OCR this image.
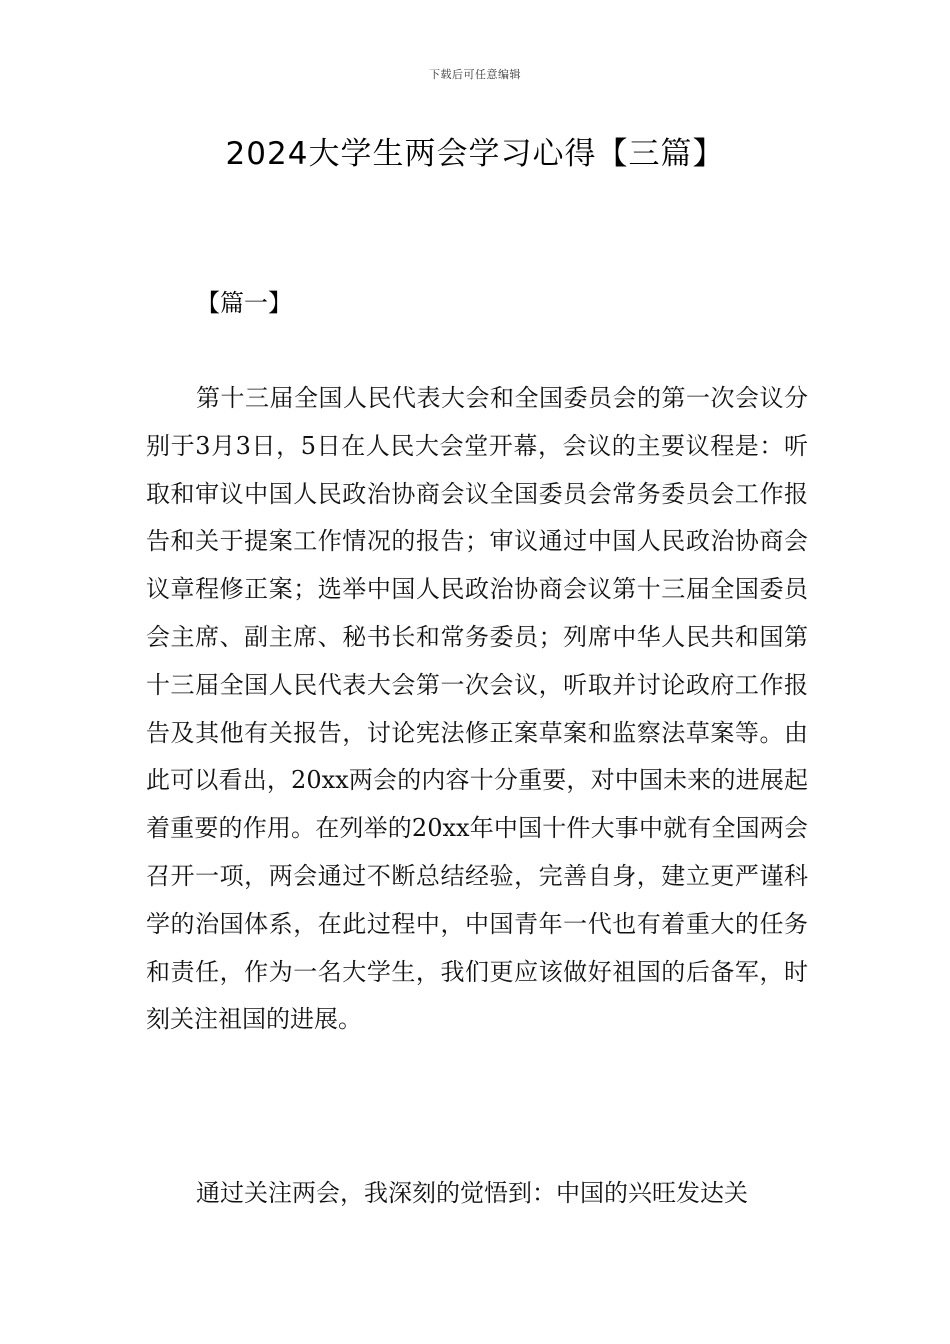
下载后可任意编辑
2024大学生两会学习心得【三篇】
【篇一】

第十三届全国人民代表大会和全国委员会的第一次会议分别于3月3日，5日在人民大会堂开幕，会议的主要议程是：听取和审议中国人民政治协商会议全国委员会常务委员会工作报告和关于提案工作情况的报告；审议通过中国人民政治协商会议章程修正案；选举中国人民政治协商会议第十三届全国委员会主席、副主席、秘书长和常务委员；列席中华人民共和国第十三届全国人民代表大会第一次会议，听取并讨论政府工作报告及其他有关报告，讨论宪法修正案草案和监察法草案等。由此可以看出，20xx两会的内容十分重要，对中国未来的进展起着重要的作用。在列举的20xx年中国十件大事中就有全国两会召开一项，两会通过不断总结经验，完善自身，建立更严谨科学的治国体系，在此过程中，中国青年一代也有着重大的任务和责任，作为一名大学生，我们更应该做好祖国的后备军，时刻关注祖国的进展。

通过关注两会，我深刻的觉悟到：中国的兴旺发达关
